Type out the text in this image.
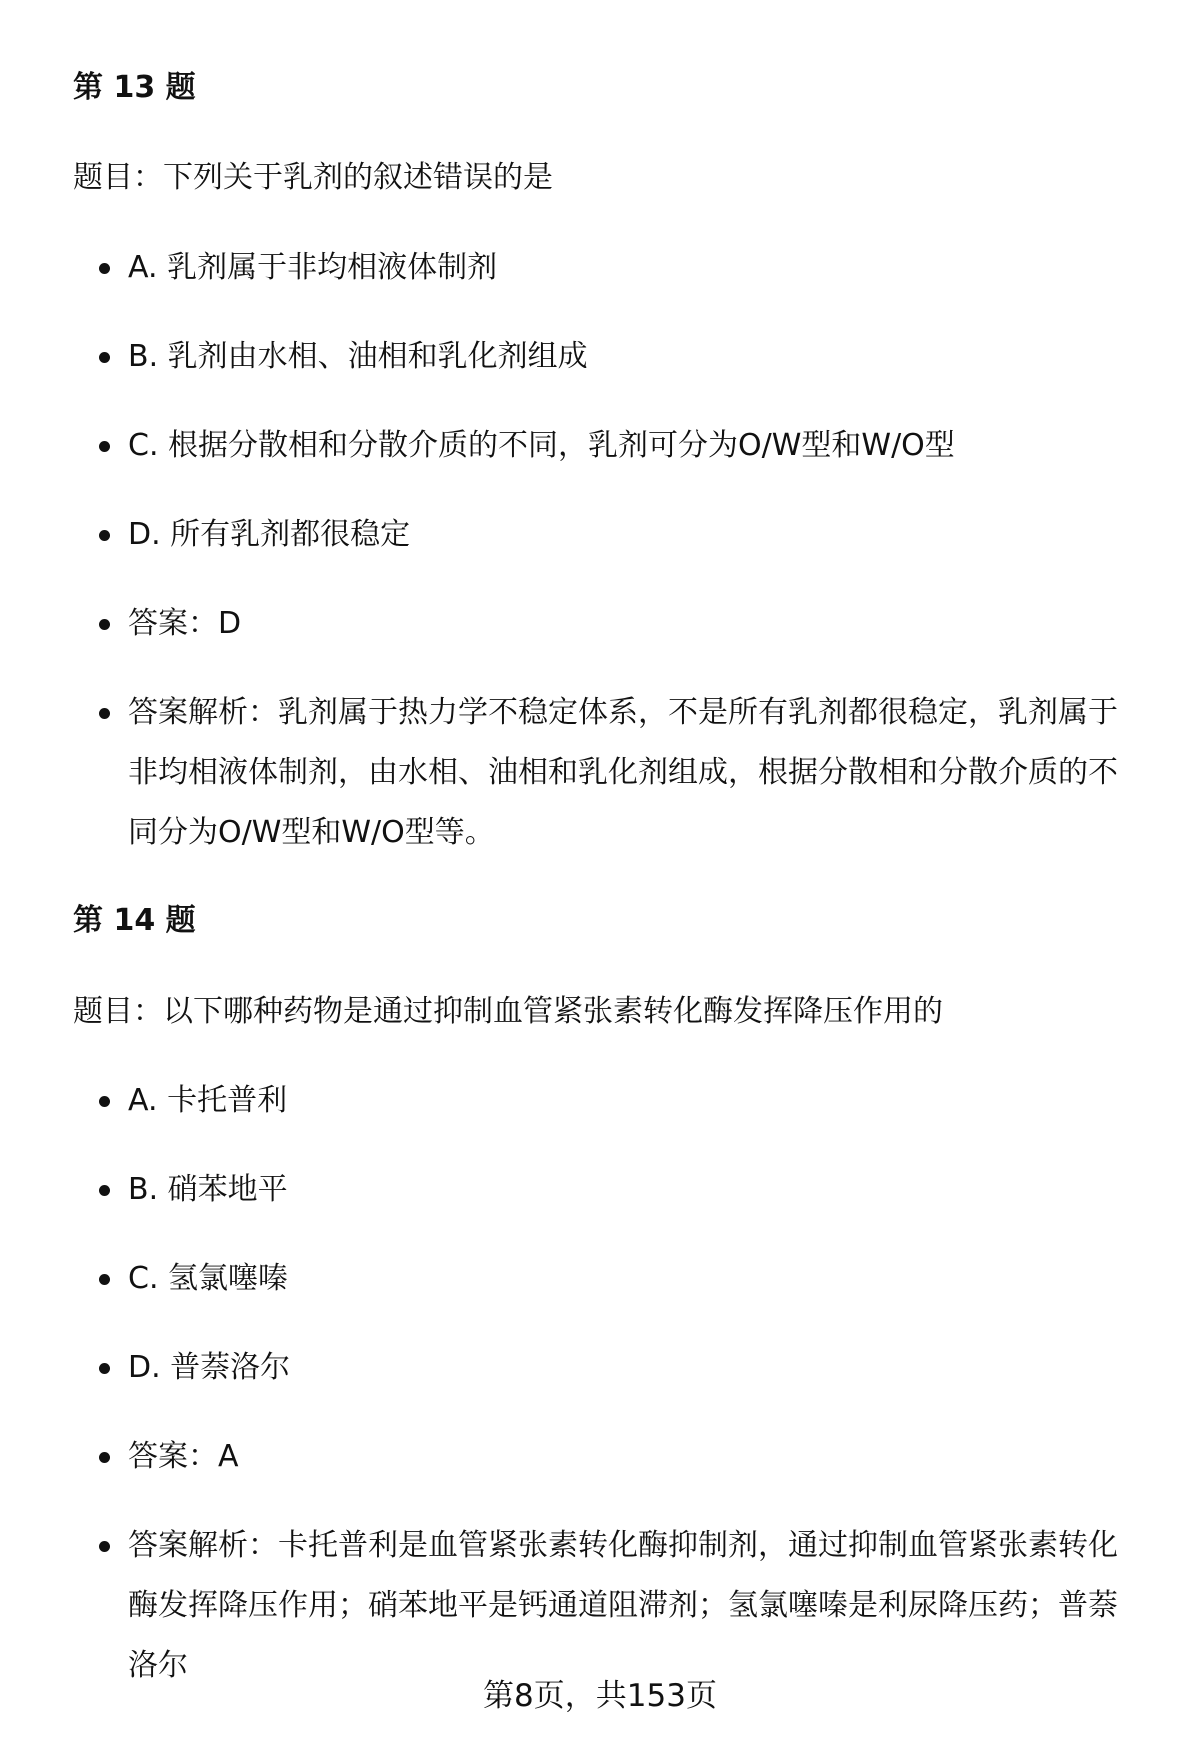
第 13 题

题目：下列关于乳剂的叙述错误的是

A. 乳剂属于非均相液体制剂
B. 乳剂由水相、油相和乳化剂组成
C. 根据分散相和分散介质的不同，乳剂可分为O/W型和W/O型
D. 所有乳剂都很稳定
答案：D
答案解析：乳剂属于热力学不稳定体系，不是所有乳剂都很稳定，乳剂属于非均相液体制剂，由水相、油相和乳化剂组成，根据分散相和分散介质的不同分为O/W型和W/O型等。
第 14 题

题目：以下哪种药物是通过抑制血管紧张素转化酶发挥降压作用的

A. 卡托普利
B. 硝苯地平
C. 氢氯噻嗪
D. 普萘洛尔
答案：A
答案解析：卡托普利是血管紧张素转化酶抑制剂，通过抑制血管紧张素转化酶发挥降压作用；硝苯地平是钙通道阻滞剂；氢氯噻嗪是利尿降压药；普萘洛尔
第8页，共153页
